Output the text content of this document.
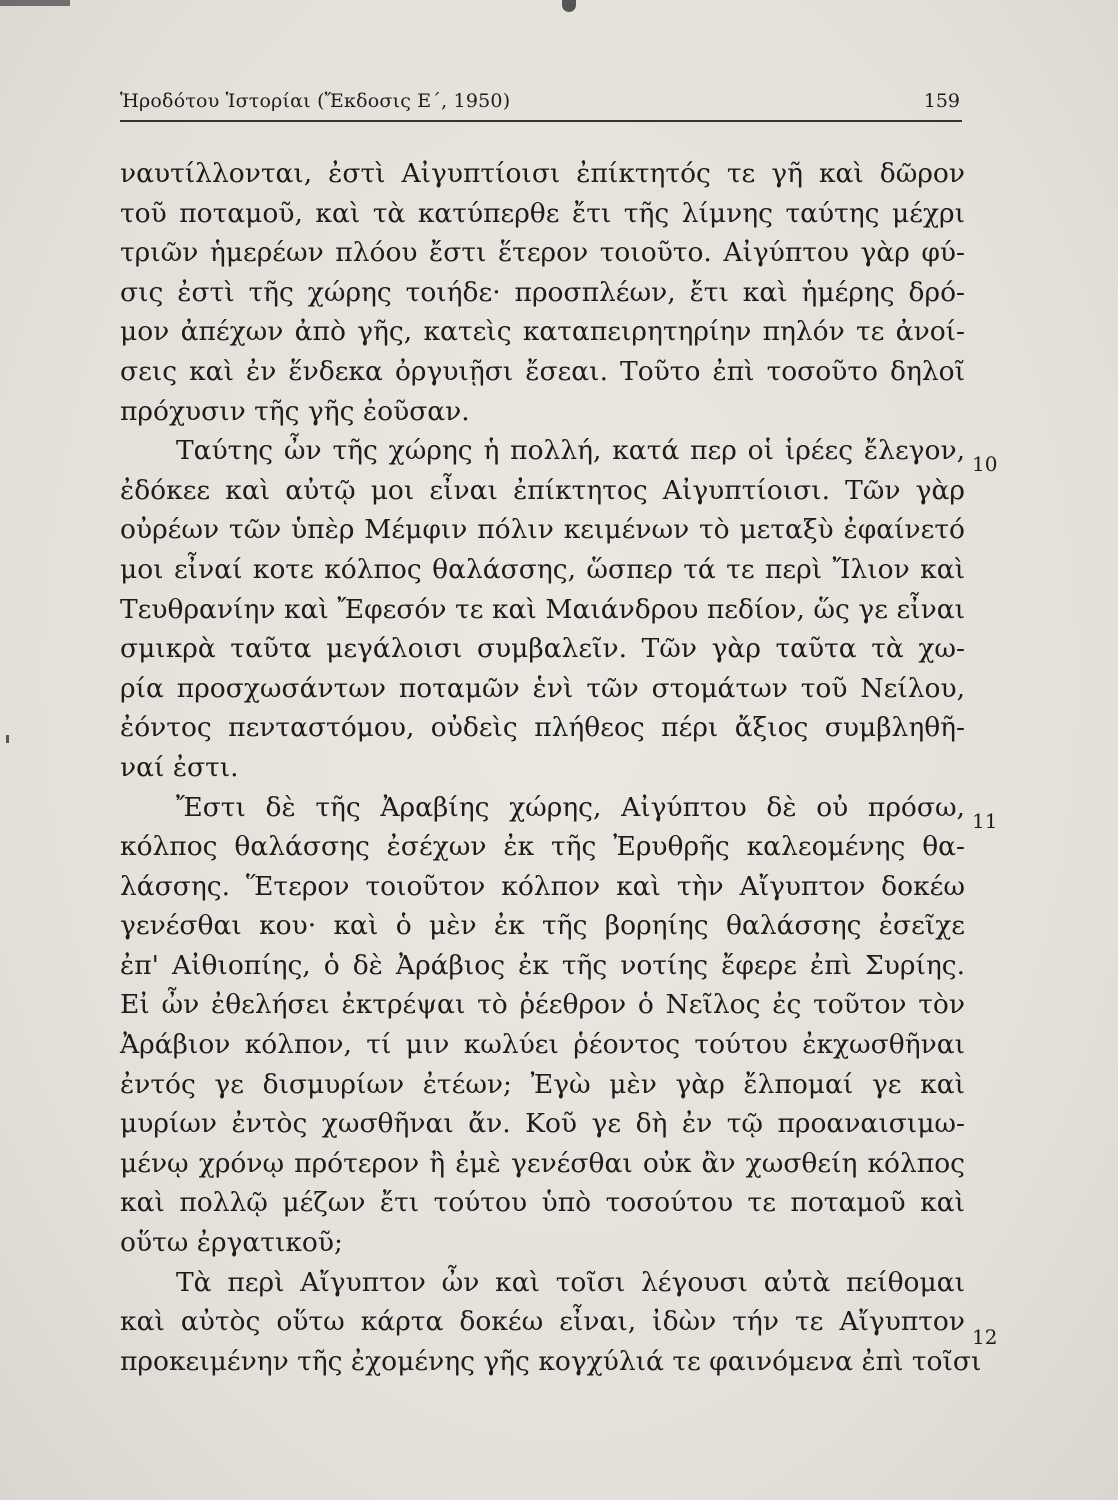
Ἡροδότου Ἱστορίαι (Ἔκδοσις Ε΄, 1950)	159
ναυτίλλονται, ἐστὶ Αἰγυπτίοισι ἐπίκτητός τε γῆ καὶ δῶρον
τοῦ ποταμοῦ, καὶ τὰ κατύπερθε ἔτι τῆς λίμνης ταύτης μέχρι
τριῶν ἡμερέων πλόου ἔστι ἕτερον τοιοῦτο. Αἰγύπτου γὰρ φύ-
σις ἐστὶ τῆς χώρης τοιήδε· προσπλέων, ἔτι καὶ ἡμέρης δρό-
μον ἀπέχων ἀπὸ γῆς, κατεὶς καταπειρητηρίην πηλόν τε ἀνοί-
σεις καὶ ἐν ἕνδεκα ὀργυιῇσι ἔσεαι. Τοῦτο ἐπὶ τοσοῦτο δηλοῖ
πρόχυσιν τῆς γῆς ἐοῦσαν.
Ταύτης ὦν τῆς χώρης ἡ πολλή, κατά περ οἱ ἱρέες ἔλεγον,
ἐδόκεε καὶ αὐτῷ μοι εἶναι ἐπίκτητος Αἰγυπτίοισι. Τῶν γὰρ
οὐρέων τῶν ὑπὲρ Μέμφιν πόλιν κειμένων τὸ μεταξὺ ἐφαίνετό
μοι εἶναί κοτε κόλπος θαλάσσης, ὥσπερ τά τε περὶ Ἴλιον καὶ
Τευθρανίην καὶ Ἔφεσόν τε καὶ Μαιάνδρου πεδίον, ὥς γε εἶναι
σμικρὰ ταῦτα μεγάλοισι συμβαλεῖν. Τῶν γὰρ ταῦτα τὰ χω-
ρία προσχωσάντων ποταμῶν ἑνὶ τῶν στομάτων τοῦ Νείλου,
ἐόντος πενταστόμου, οὐδεὶς πλήθεος πέρι ἄξιος συμβληθῆ-
ναί ἐστι.
Ἔστι δὲ τῆς Ἀραβίης χώρης, Αἰγύπτου δὲ οὐ πρόσω,
κόλπος θαλάσσης ἐσέχων ἐκ τῆς Ἐρυθρῆς καλεομένης θα-
λάσσης. Ἕτερον τοιοῦτον κόλπον καὶ τὴν Αἴγυπτον δοκέω
γενέσθαι κου· καὶ ὁ μὲν ἐκ τῆς βορηίης θαλάσσης ἐσεῖχε
ἐπ' Αἰθιοπίης, ὁ δὲ Ἀράβιος ἐκ τῆς νοτίης ἔφερε ἐπὶ Συρίης.
Εἰ ὦν ἐθελήσει ἐκτρέψαι τὸ ῥέεθρον ὁ Νεῖλος ἐς τοῦτον τὸν
Ἀράβιον κόλπον, τί μιν κωλύει ῥέοντος τούτου ἐκχωσθῆναι
ἐντός γε δισμυρίων ἐτέων; Ἐγὼ μὲν γὰρ ἔλπομαί γε καὶ
μυρίων ἐντὸς χωσθῆναι ἄν. Κοῦ γε δὴ ἐν τῷ προαναισιμω-
μένῳ χρόνῳ πρότερον ἢ ἐμὲ γενέσθαι οὐκ ἂν χωσθείη κόλπος
καὶ πολλῷ μέζων ἔτι τούτου ὑπὸ τοσούτου τε ποταμοῦ καὶ
οὕτω ἐργατικοῦ;
Τὰ περὶ Αἴγυπτον ὦν καὶ τοῖσι λέγουσι αὐτὰ πείθομαι
καὶ αὐτὸς οὕτω κάρτα δοκέω εἶναι, ἰδὼν τήν τε Αἴγυπτον
προκειμένην τῆς ἐχομένης γῆς κογχύλιά τε φαινόμενα ἐπὶ τοῖσι
10
11
12
